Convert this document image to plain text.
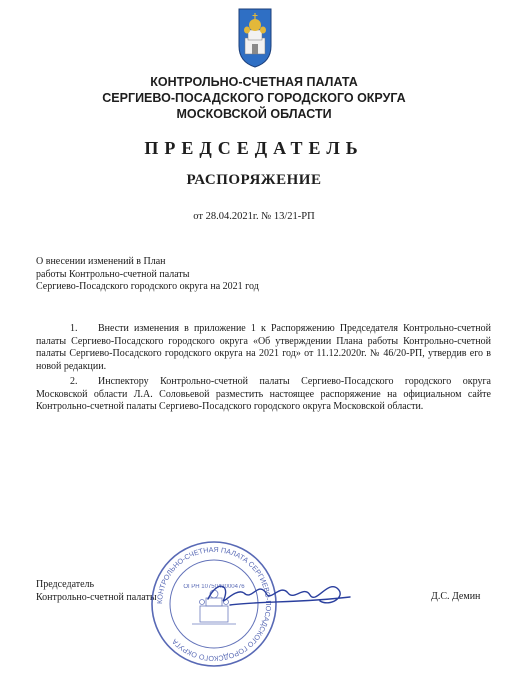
КОНТРОЛЬНО-СЧЕТНАЯ ПАЛАТА
СЕРГИЕВО-ПОСАДСКОГО ГОРОДСКОГО ОКРУГА
МОСКОВСКОЙ ОБЛАСТИ
ПРЕДСЕДАТЕЛЬ
РАСПОРЯЖЕНИЕ
от 28.04.2021г. № 13/21-РП
О внесении изменений в План
работы Контрольно-счетной палаты
Сергиево-Посадского городского округа на 2021 год
1. Внести изменения в приложение 1 к Распоряжению Председателя Контрольно-счетной палаты Сергиево-Посадского городского округа «Об утверждении Плана работы Контрольно-счетной палаты Сергиево-Посадского городского округа на 2021 год» от 11.12.2020г. № 46/20-РП, утвердив его в новой редакции.
2. Инспектору Контрольно-счетной палаты Сергиево-Посадского городского округа Московской области Л.А. Соловьевой разместить настоящее распоряжение на официальном сайте Контрольно-счетной палаты Сергиево-Посадского городского округа Московской области.
Председатель
Контрольно-счетной палаты	Д.С. Демин
КОНТРОЛЬНО-СЧЕТНАЯ ПАЛАТА СЕРГИЕВО-ПОСАДСКОГО ГОРОДСКОГО ОКРУГА
ОГРН 1075042000476
